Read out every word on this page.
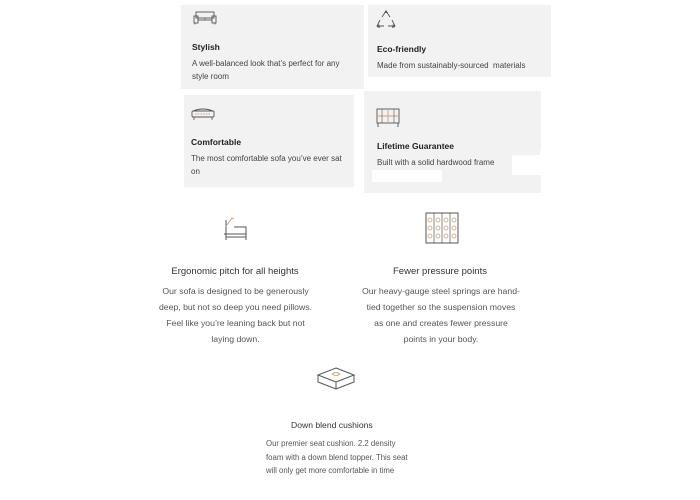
Stylish
A well-balanced look that’s perfect for any style room
Eco-friendly
Made from sustainably-sourced  materials
Comfortable
The most comfortable sofa you’ve ever sat on
Lifetime Guarantee
Built with a solid hardwood frame
Ergonomic pitch for all heights
Our sofa is designed to be generously deep, but not so deep you need pillows. Feel like you’re leaning back but not laying down.
Fewer pressure points
Our heavy-gauge steel springs are hand-tied together so the suspension moves as one and creates fewer pressure points in your body.
Down blend cushions
Our premier seat cushion. 2.2 density foam with a down blend topper. This seat will only get more comfortable in time
